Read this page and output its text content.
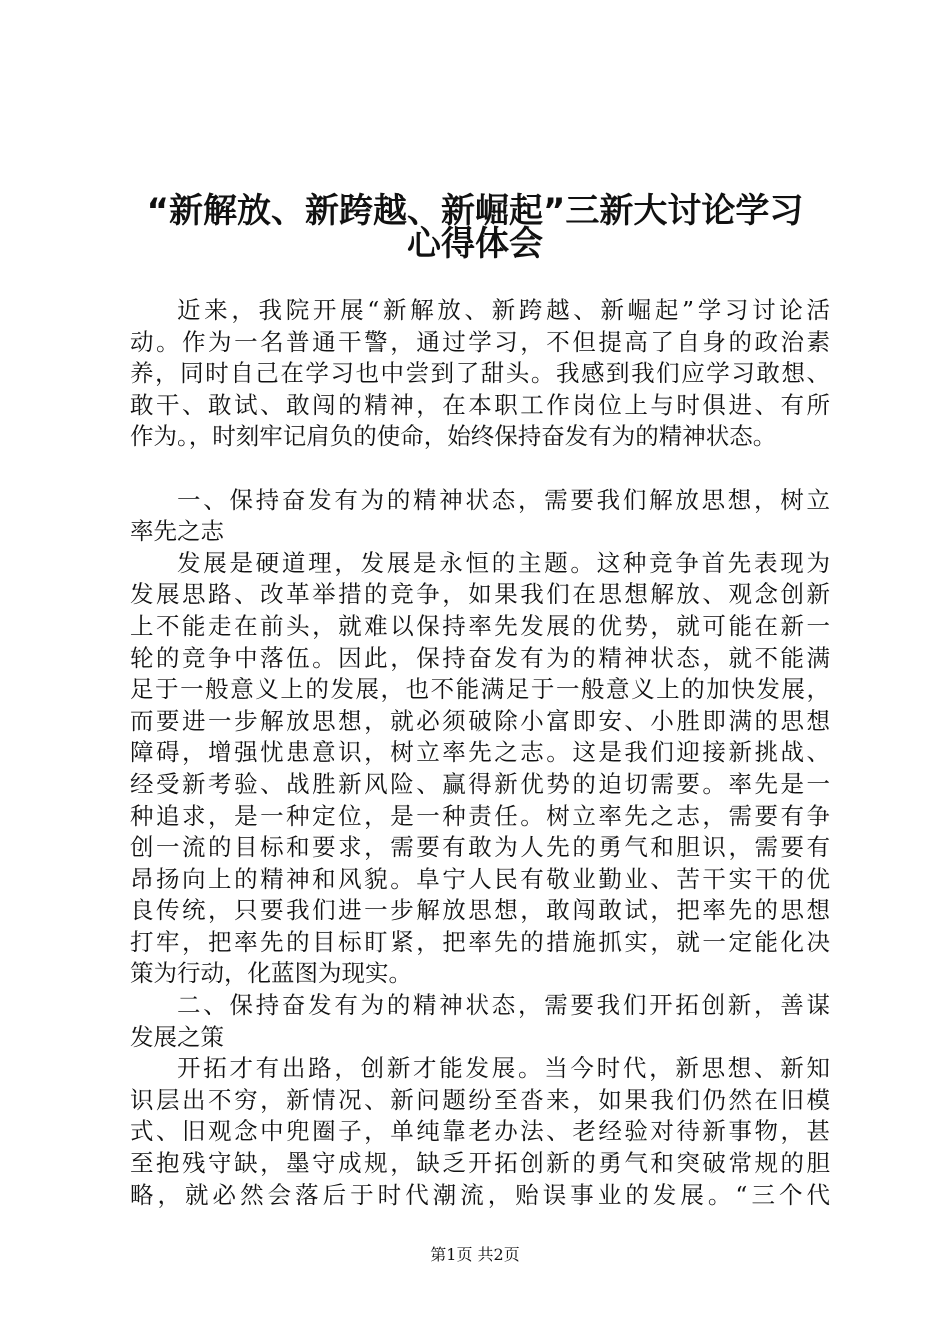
“新解放、新跨越、新崛起”三新大讨论学习
心得体会
近来，我院开展“新解放、新跨越、新崛起”学习讨论活
动。作为一名普通干警，通过学习，不但提高了自身的政治素
养，同时自己在学习也中尝到了甜头。我感到我们应学习敢想、
敢干、敢试、敢闯的精神，在本职工作岗位上与时俱进、有所
作为。，时刻牢记肩负的使命，始终保持奋发有为的精神状态。
一、保持奋发有为的精神状态，需要我们解放思想，树立
率先之志
发展是硬道理，发展是永恒的主题。这种竞争首先表现为
发展思路、改革举措的竞争，如果我们在思想解放、观念创新
上不能走在前头，就难以保持率先发展的优势，就可能在新一
轮的竞争中落伍。因此，保持奋发有为的精神状态，就不能满
足于一般意义上的发展，也不能满足于一般意义上的加快发展，
而要进一步解放思想，就必须破除小富即安、小胜即满的思想
障碍，增强忧患意识，树立率先之志。这是我们迎接新挑战、
经受新考验、战胜新风险、赢得新优势的迫切需要。率先是一
种追求，是一种定位，是一种责任。树立率先之志，需要有争
创一流的目标和要求，需要有敢为人先的勇气和胆识，需要有
昂扬向上的精神和风貌。阜宁人民有敬业勤业、苦干实干的优
良传统，只要我们进一步解放思想，敢闯敢试，把率先的思想
打牢，把率先的目标盯紧，把率先的措施抓实，就一定能化决
策为行动，化蓝图为现实。
二、保持奋发有为的精神状态，需要我们开拓创新，善谋
发展之策
开拓才有出路，创新才能发展。当今时代，新思想、新知
识层出不穷，新情况、新问题纷至沓来，如果我们仍然在旧模
式、旧观念中兜圈子，单纯靠老办法、老经验对待新事物，甚
至抱残守缺，墨守成规，缺乏开拓创新的勇气和突破常规的胆
略，就必然会落后于时代潮流，贻误事业的发展。“三个代
第1页 共2页
